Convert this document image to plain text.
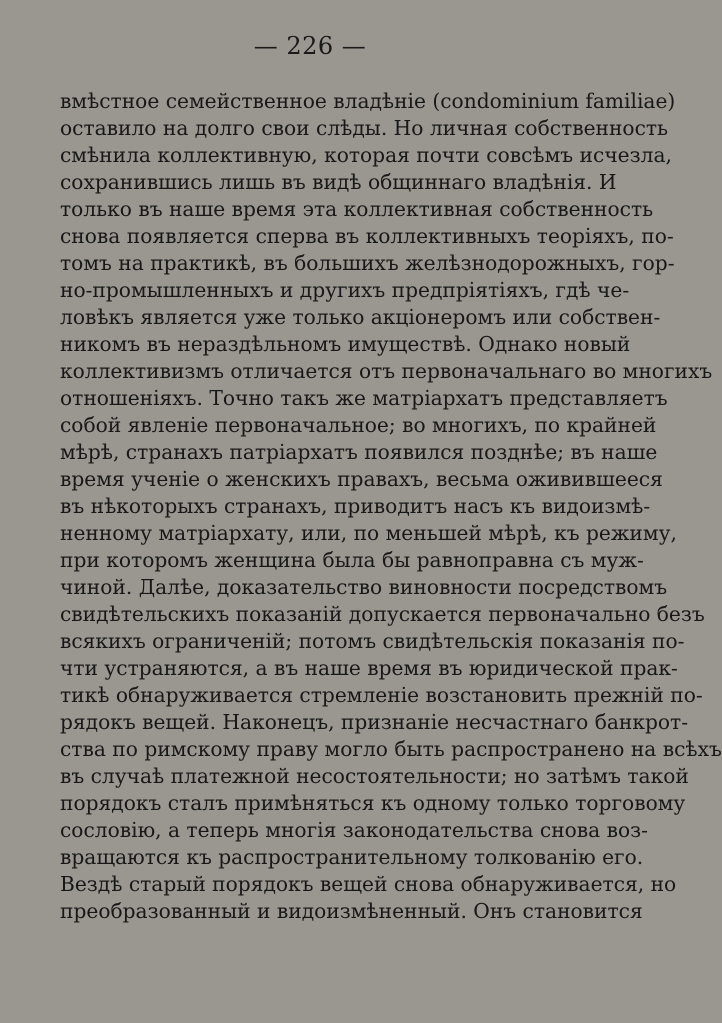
— 226 —
вмѣстное семейственное владѣніе (condominium familiae)
оставило на долго свои слѣды. Но личная собственность
смѣнила коллективную, которая почти совсѣмъ исчезла,
сохранившись лишь въ видѣ общиннаго владѣнія. И
только въ наше время эта коллективная собственность
снова появляется сперва въ коллективныхъ теоріяхъ, по-
томъ на практикѣ, въ большихъ желѣзнодорожныхъ, гор-
но-промышленныхъ и другихъ предпріятіяхъ, гдѣ че-
ловѣкъ является уже только акціонеромъ или собствен-
никомъ въ нераздѣльномъ имуществѣ. Однако новый
коллективизмъ отличается отъ первоначальнаго во многихъ
отношеніяхъ. Точно такъ же матріархатъ представляетъ
собой явленіе первоначальное; во многихъ, по крайней
мѣрѣ, странахъ патріархатъ появился позднѣе; въ наше
время ученіе о женскихъ правахъ, весьма оживившееся
въ нѣкоторыхъ странахъ, приводитъ насъ къ видоизмѣ-
ненному матріархату, или, по меньшей мѣрѣ, къ режиму,
при которомъ женщина была бы равноправна съ муж-
чиной. Далѣе, доказательство виновности посредствомъ
свидѣтельскихъ показаній допускается первоначально безъ
всякихъ ограниченій; потомъ свидѣтельскія показанія по-
чти устраняются, а въ наше время въ юридической прак-
тикѣ обнаруживается стремленіе возстановить прежній по-
рядокъ вещей. Наконецъ, признаніе несчастнаго банкрот-
ства по римскому праву могло быть распространено на всѣхъ
въ случаѣ платежной несостоятельности; но затѣмъ такой
порядокъ сталъ примѣняться къ одному только торговому
сословію, а теперь многія законодательства снова воз-
вращаются къ распространительному толкованію его.
Вездѣ старый порядокъ вещей снова обнаруживается, но
преобразованный и видоизмѣненный. Онъ становится
